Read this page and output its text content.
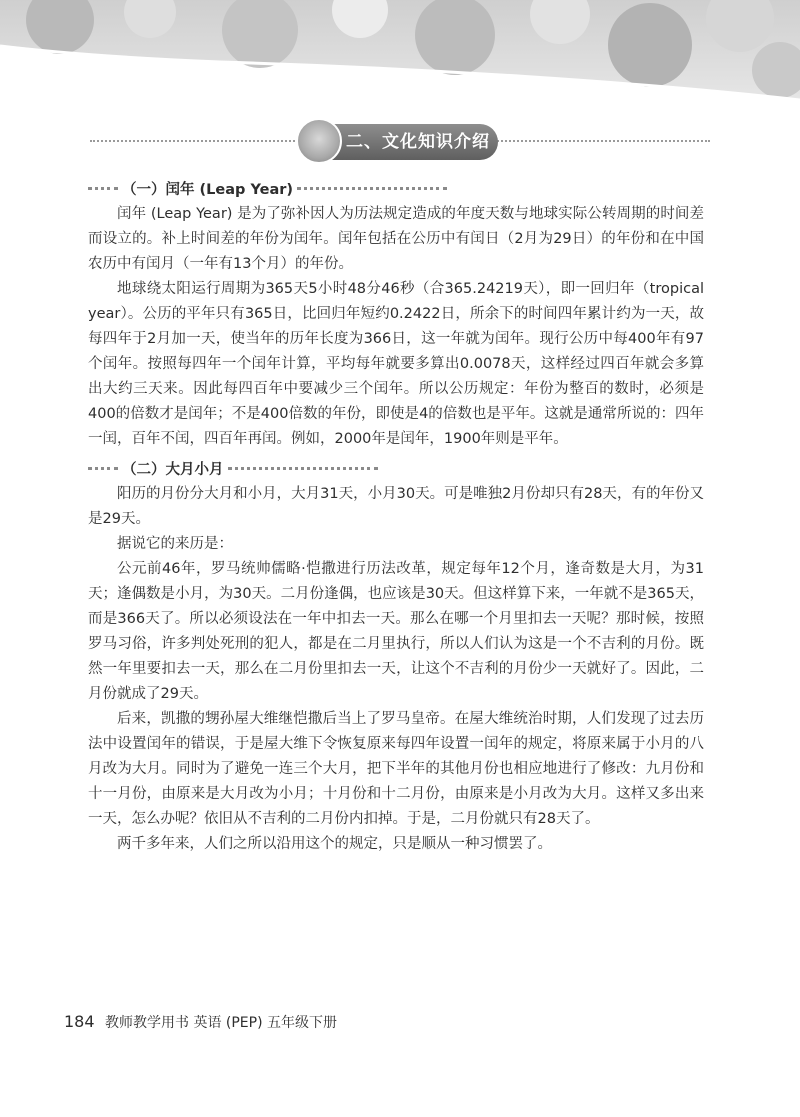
二、文化知识介绍
（一）闰年 (Leap Year)

闰年 (Leap Year) 是为了弥补因人为历法规定造成的年度天数与地球实际公转周期的时间差而设立的。补上时间差的年份为闰年。闰年包括在公历中有闰日（2月为29日）的年份和在中国农历中有闰月（一年有13个月）的年份。

地球绕太阳运行周期为365天5小时48分46秒（合365.24219天），即一回归年（tropical year）。公历的平年只有365日，比回归年短约0.2422日，所余下的时间四年累计约为一天，故每四年于2月加一天，使当年的历年长度为366日，这一年就为闰年。现行公历中每400年有97个闰年。按照每四年一个闰年计算，平均每年就要多算出0.0078天，这样经过四百年就会多算出大约三天来。因此每四百年中要减少三个闰年。所以公历规定：年份为整百的数时，必须是400的倍数才是闰年；不是400倍数的年份，即使是4的倍数也是平年。这就是通常所说的：四年一闰，百年不闰，四百年再闰。例如，2000年是闰年，1900年则是平年。

（二）大月小月

阳历的月份分大月和小月，大月31天，小月30天。可是唯独2月份却只有28天，有的年份又是29天。

据说它的来历是：

公元前46年，罗马统帅儒略·恺撒进行历法改革，规定每年12个月，逢奇数是大月，为31天；逢偶数是小月，为30天。二月份逢偶，也应该是30天。但这样算下来，一年就不是365天，而是366天了。所以必须设法在一年中扣去一天。那么在哪一个月里扣去一天呢？那时候，按照罗马习俗，许多判处死刑的犯人，都是在二月里执行，所以人们认为这是一个不吉利的月份。既然一年里要扣去一天，那么在二月份里扣去一天，让这个不吉利的月份少一天就好了。因此，二月份就成了29天。

后来，凯撒的甥孙屋大维继恺撒后当上了罗马皇帝。在屋大维统治时期，人们发现了过去历法中设置闰年的错误，于是屋大维下令恢复原来每四年设置一闰年的规定，将原来属于小月的八月改为大月。同时为了避免一连三个大月，把下半年的其他月份也相应地进行了修改：九月份和十一月份，由原来是大月改为小月；十月份和十二月份，由原来是小月改为大月。这样又多出来一天，怎么办呢？依旧从不吉利的二月份内扣掉。于是，二月份就只有28天了。

两千多年来，人们之所以沿用这个的规定，只是顺从一种习惯罢了。

184 教师教学用书 英语 (PEP) 五年级下册
